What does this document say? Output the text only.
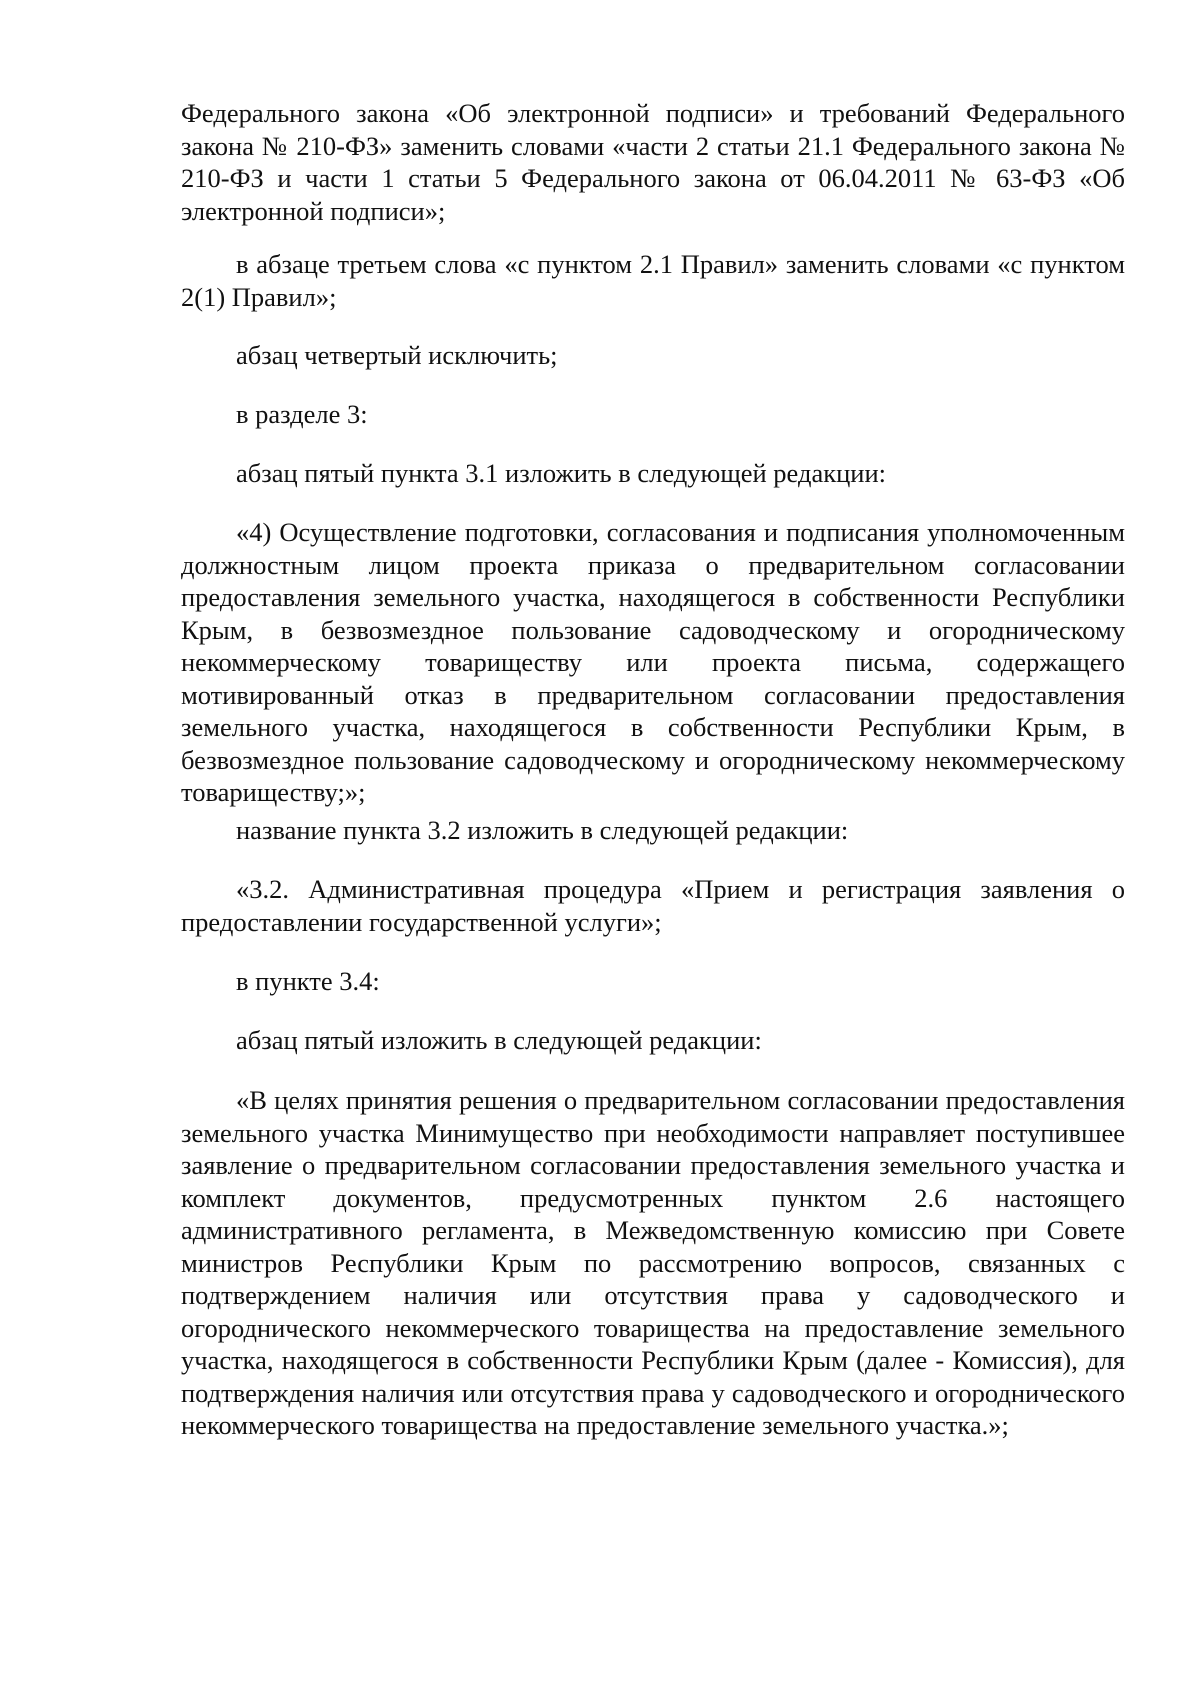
Федерального закона «Об электронной подписи» и требований Федерального закона № 210-ФЗ» заменить словами «части 2 статьи 21.1 Федерального закона № 210-ФЗ и части 1 статьи 5 Федерального закона от 06.04.2011 № 63-ФЗ «Об электронной подписи»;

в абзаце третьем слова «с пунктом 2.1 Правил» заменить словами «с пунктом 2(1) Правил»;

абзац четвертый исключить;

в разделе 3:

абзац пятый пункта 3.1 изложить в следующей редакции:

«4) Осуществление подготовки, согласования и подписания уполномоченным должностным лицом проекта приказа о предварительном согласовании предоставления земельного участка, находящегося в собственности Республики Крым, в безвозмездное пользование садоводческому и огородническому некоммерческому товариществу или проекта письма, содержащего мотивированный отказ в предварительном согласовании предоставления земельного участка, находящегося в собственности Республики Крым, в безвозмездное пользование садоводческому и огородническому некоммерческому товариществу;»;

название пункта 3.2 изложить в следующей редакции:

«3.2. Административная процедура «Прием и регистрация заявления о предоставлении государственной услуги»;

в пункте 3.4:

абзац пятый изложить в следующей редакции:

«В целях принятия решения о предварительном согласовании предоставления земельного участка Минимущество при необходимости направляет поступившее заявление о предварительном согласовании предоставления земельного участка и комплект документов, предусмотренных пунктом 2.6 настоящего административного регламента, в Межведомственную комиссию при Совете министров Республики Крым по рассмотрению вопросов, связанных с подтверждением наличия или отсутствия права у садоводческого и огороднического некоммерческого товарищества на предоставление земельного участка, находящегося в собственности Республики Крым (далее - Комиссия), для подтверждения наличия или отсутствия права у садоводческого и огороднического некоммерческого товарищества на предоставление земельного участка.»;
